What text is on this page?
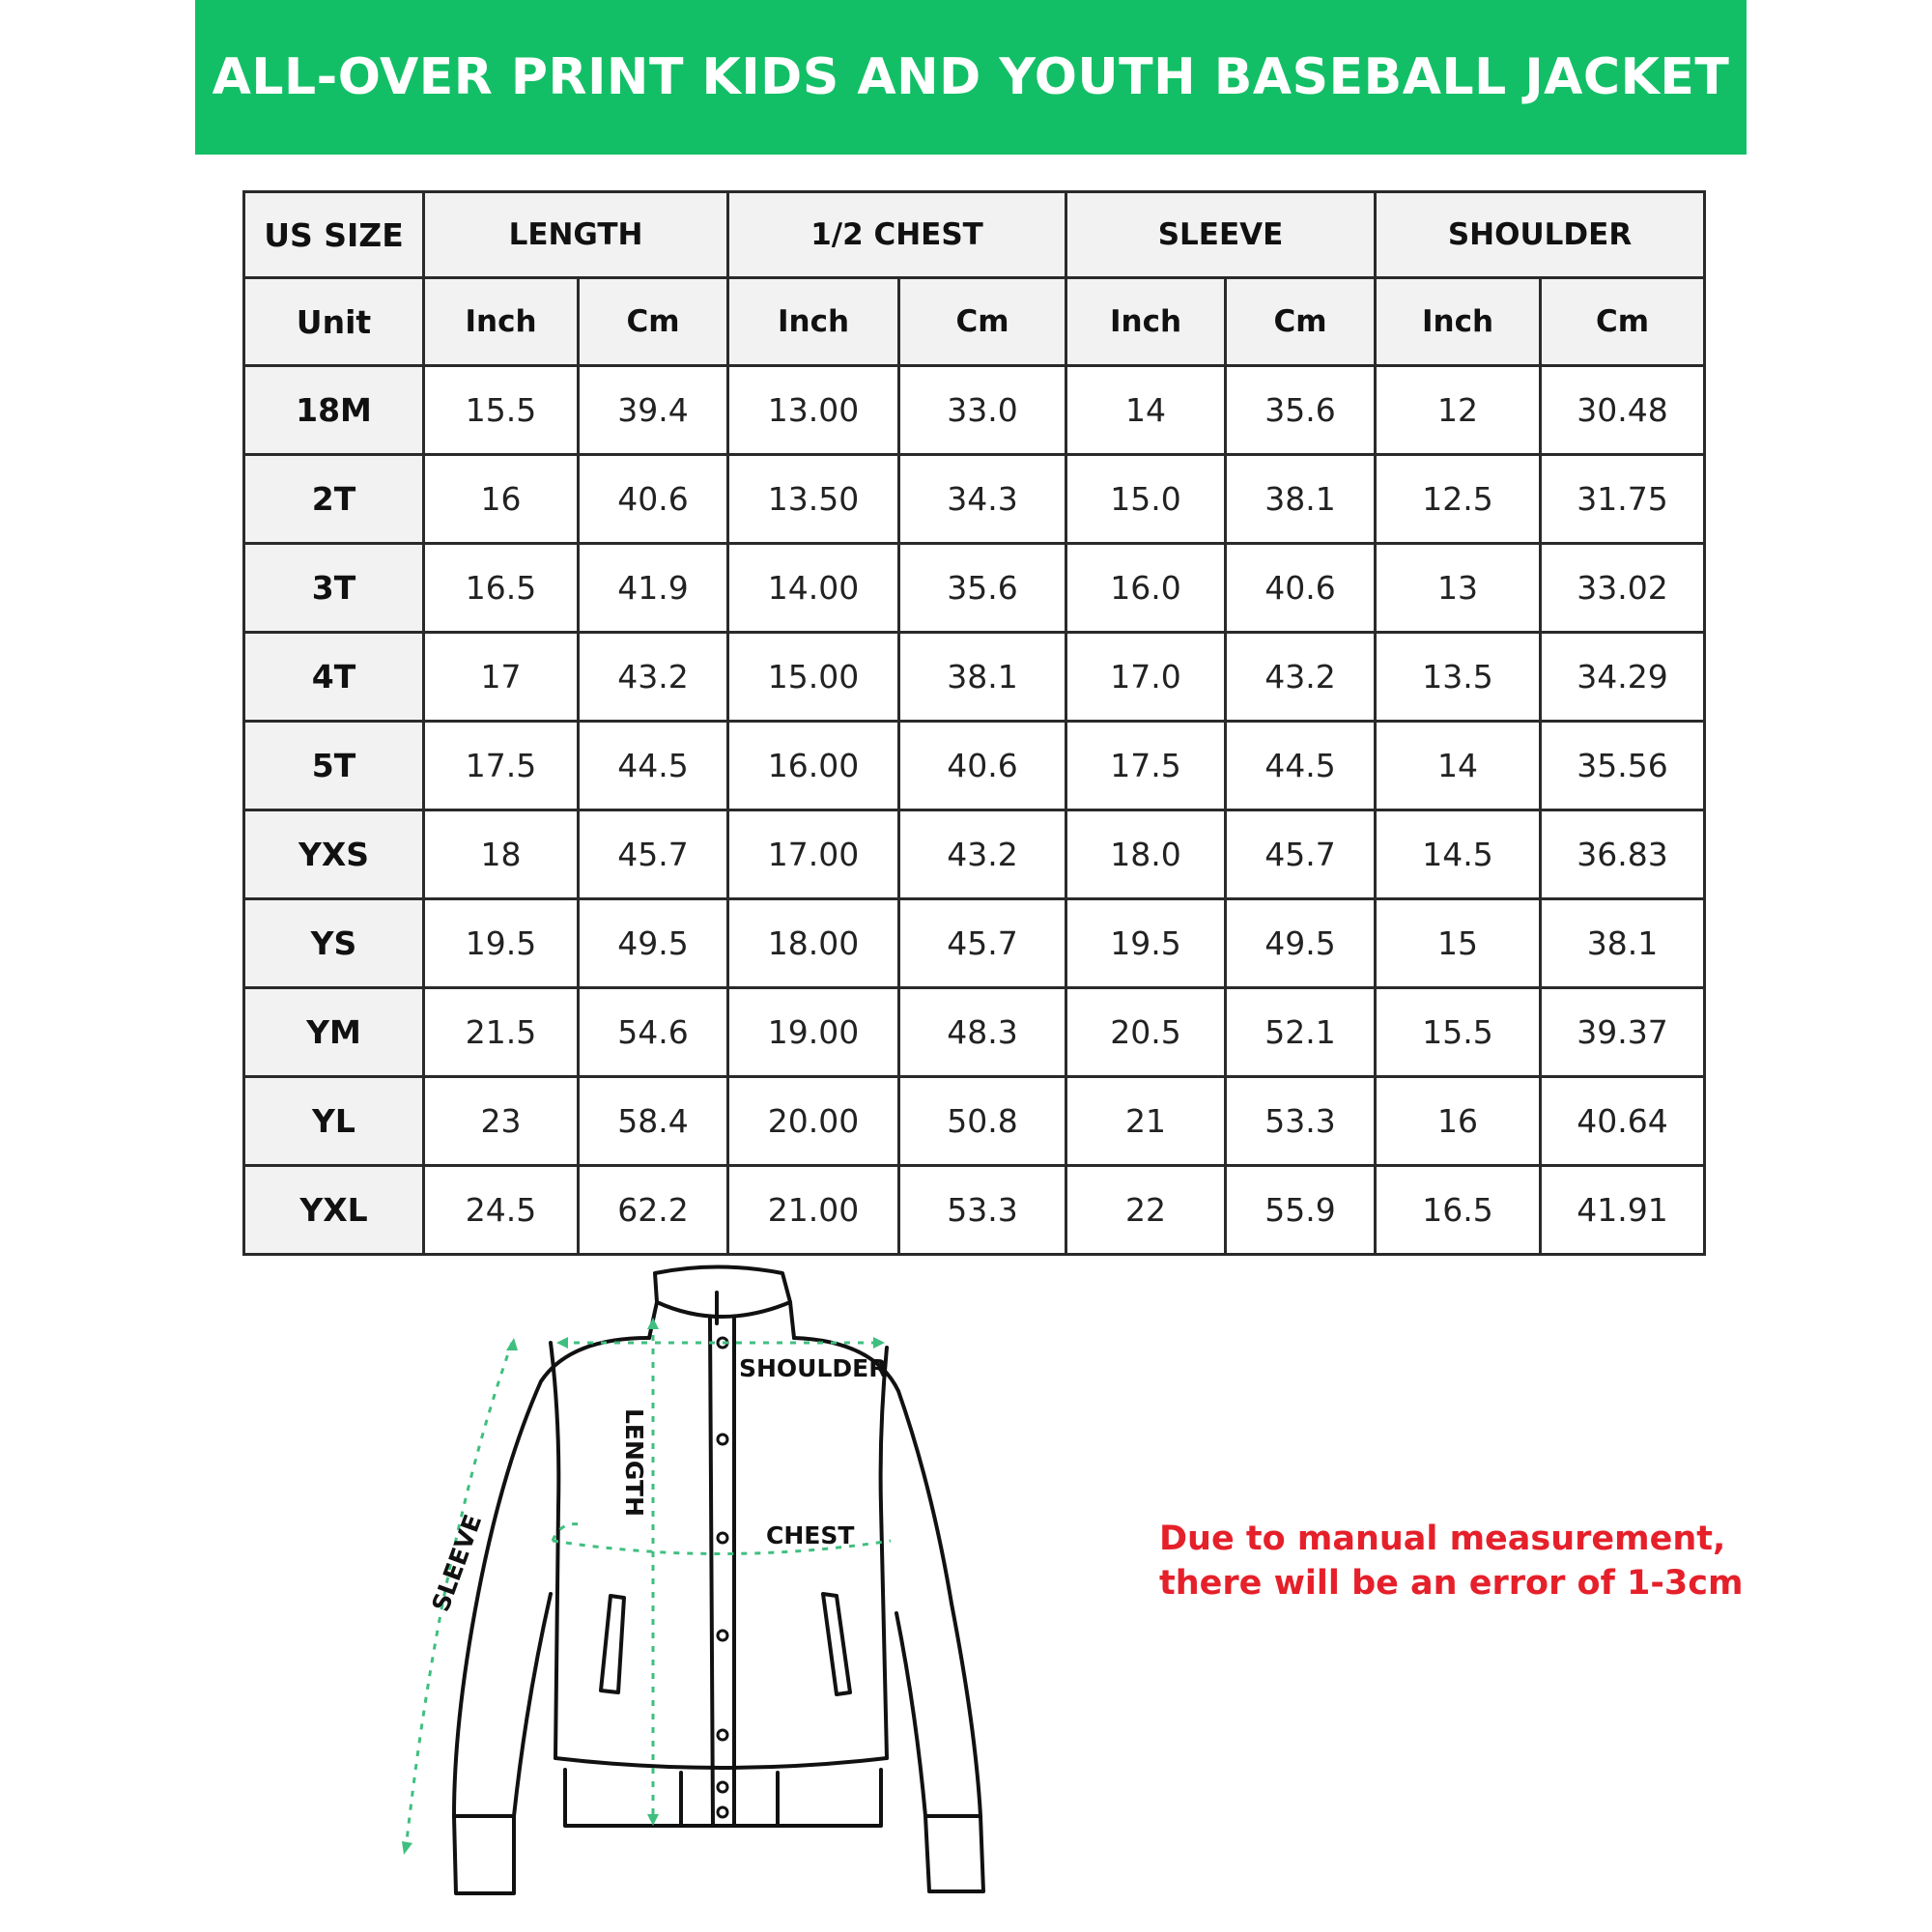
ALL-OVER PRINT KIDS AND YOUTH BASEBALL JACKET
US SIZE	LENGTH		1/2 CHEST		SLEEVE		SHOULDER	
Unit	Inch	Cm	Inch	Cm	Inch	Cm	Inch	Cm
18M	15.5	39.4	13.00	33.0	14	35.6	12	30.48
2T	16	40.6	13.50	34.3	15.0	38.1	12.5	31.75
3T	16.5	41.9	14.00	35.6	16.0	40.6	13	33.02
4T	17	43.2	15.00	38.1	17.0	43.2	13.5	34.29
5T	17.5	44.5	16.00	40.6	17.5	44.5	14	35.56
YXS	18	45.7	17.00	43.2	18.0	45.7	14.5	36.83
YS	19.5	49.5	18.00	45.7	19.5	49.5	15	38.1
YM	21.5	54.6	19.00	48.3	20.5	52.1	15.5	39.37
YL	23	58.4	20.00	50.8	21	53.3	16	40.64
YXL	24.5	62.2	21.00	53.3	22	55.9	16.5	41.91
SHOULDER
LENGTH
CHEST
SLEEVE	Due to manual measurement,
there will be an error of 1-3cm
